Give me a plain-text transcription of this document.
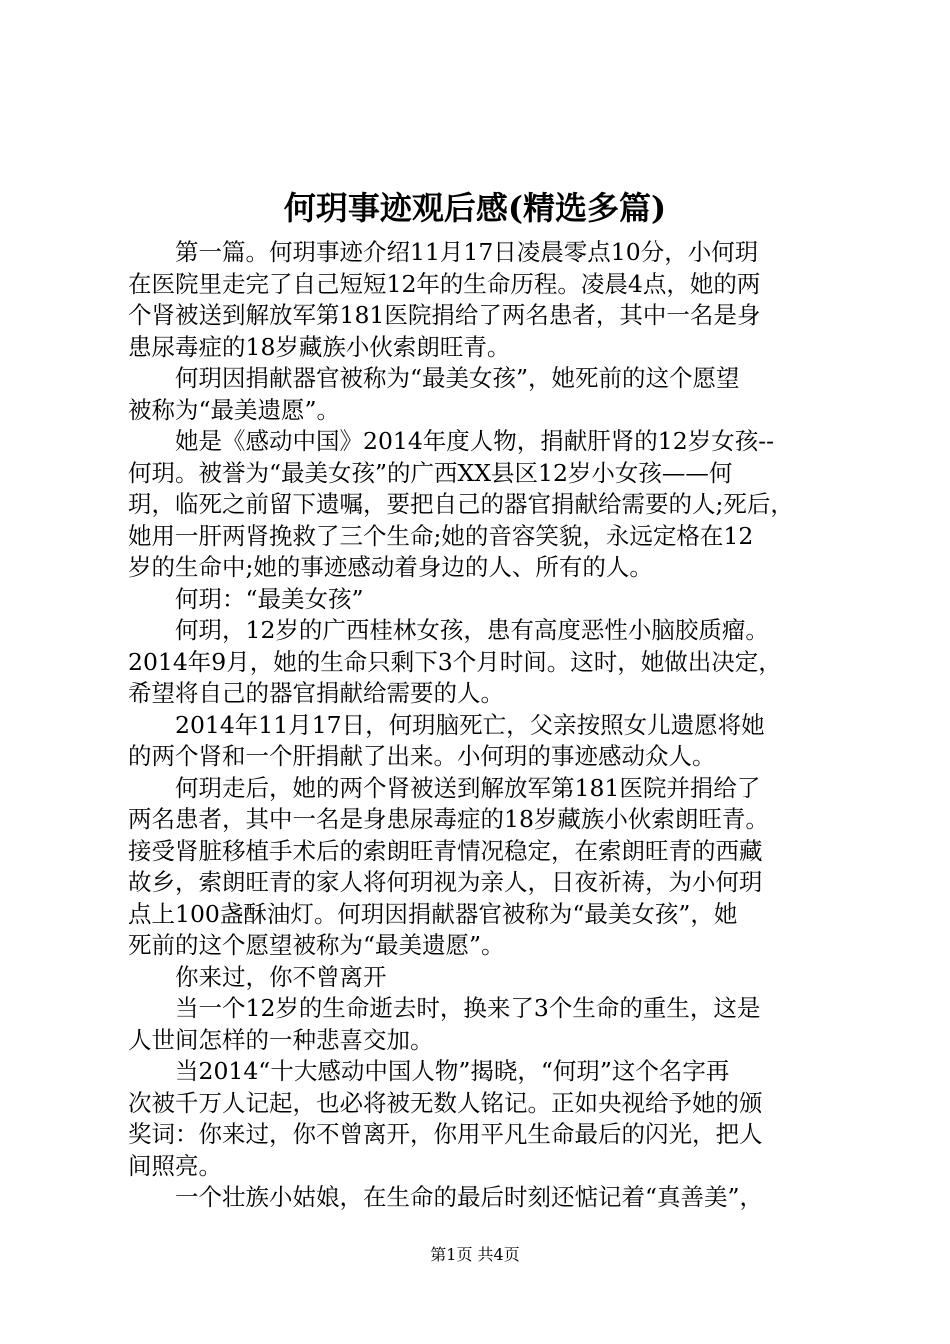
何玥事迹观后感(精选多篇)

第一篇。何玥事迹介绍11月17日凌晨零点10分，小何玥
在医院里走完了自己短短12年的生命历程。凌晨4点，她的两
个肾被送到解放军第181医院捐给了两名患者，其中一名是身
患尿毒症的18岁藏族小伙索朗旺青。

何玥因捐献器官被称为“最美女孩”，她死前的这个愿望
被称为“最美遗愿”。

她是《感动中国》2014年度人物，捐献肝肾的12岁女孩--
何玥。被誉为“最美女孩”的广西XX县区12岁小女孩——何
玥，临死之前留下遗嘱，要把自己的器官捐献给需要的人;死后，
她用一肝两肾挽救了三个生命;她的音容笑貌，永远定格在12
岁的生命中;她的事迹感动着身边的人、所有的人。

何玥：“最美女孩”

何玥，12岁的广西桂林女孩，患有高度恶性小脑胶质瘤。
2014年9月，她的生命只剩下3个月时间。这时，她做出决定，
希望将自己的器官捐献给需要的人。

2014年11月17日，何玥脑死亡，父亲按照女儿遗愿将她
的两个肾和一个肝捐献了出来。小何玥的事迹感动众人。

何玥走后，她的两个肾被送到解放军第181医院并捐给了
两名患者，其中一名是身患尿毒症的18岁藏族小伙索朗旺青。
接受肾脏移植手术后的索朗旺青情况稳定，在索朗旺青的西藏
故乡，索朗旺青的家人将何玥视为亲人，日夜祈祷，为小何玥
点上100盏酥油灯。何玥因捐献器官被称为“最美女孩”，她
死前的这个愿望被称为“最美遗愿”。

你来过，你不曾离开

当一个12岁的生命逝去时，换来了3个生命的重生，这是
人世间怎样的一种悲喜交加。

当2014“十大感动中国人物”揭晓，“何玥”这个名字再
次被千万人记起，也必将被无数人铭记。正如央视给予她的颁
奖词：你来过，你不曾离开，你用平凡生命最后的闪光，把人
间照亮。

一个壮族小姑娘，在生命的最后时刻还惦记着“真善美”，

第1页 共4页
